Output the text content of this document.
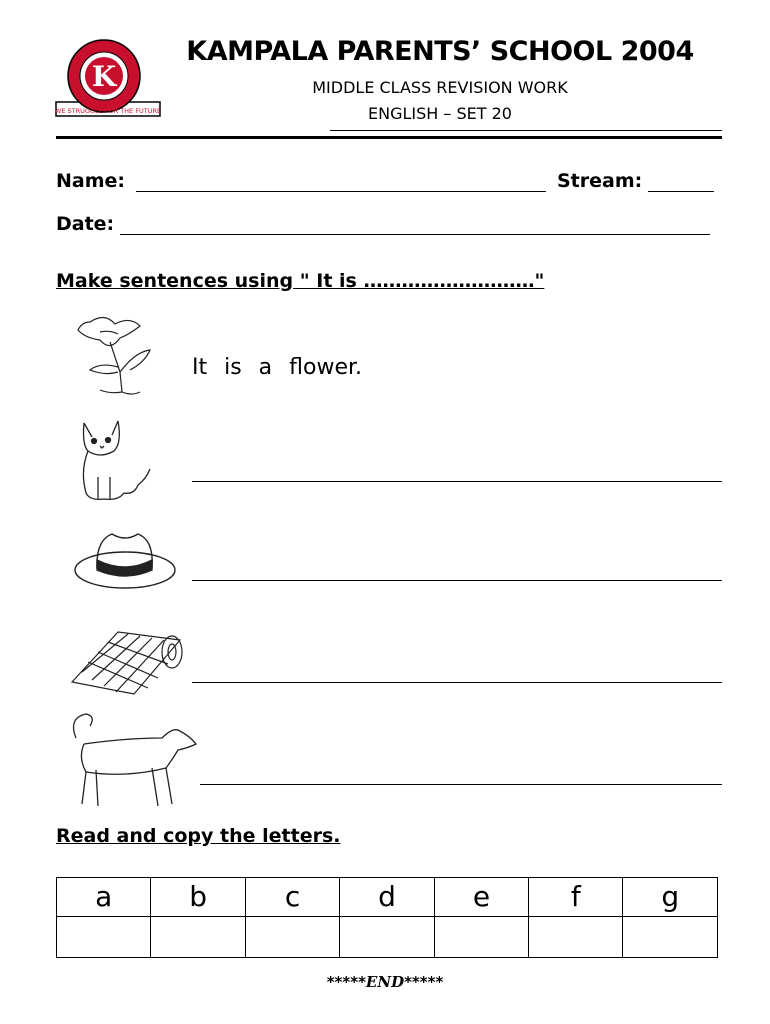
K
WE STRUGGLE FOR THE FUTURE
KAMPALA PARENTS’ SCHOOL 2004
MIDDLE CLASS REVISION WORK
ENGLISH – SET 20
Name:	Stream:
Date:
Make sentences using " It is ………………………"
It is a flower.
Read and copy the letters.
a	b	c	d	e	f	g

*****END*****
